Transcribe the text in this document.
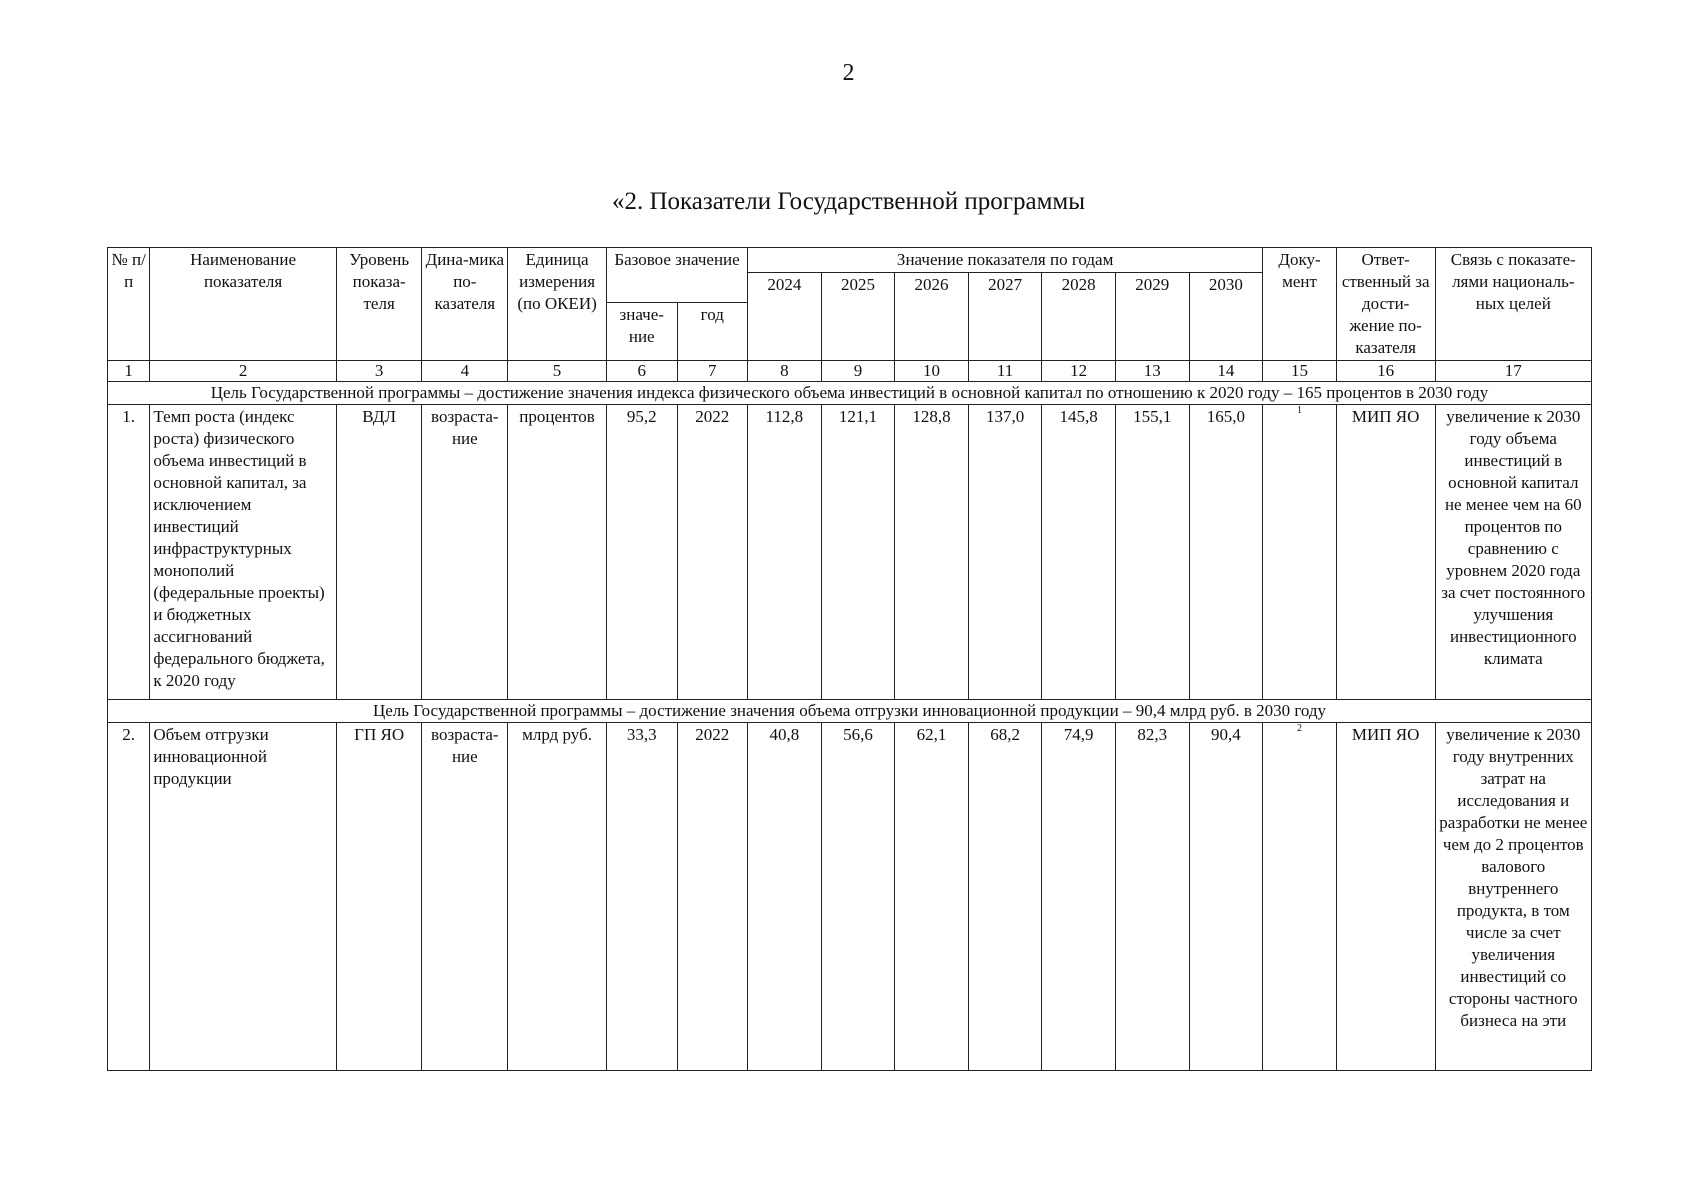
2
«2. Показатели Государственной программы
№ п/п	Наименование показателя	Уровень показа-теля	Дина-мика по-казателя	Единица измерения (по ОКЕИ)	Базовое значение		Значение показателя по годам							Доку-мент	Ответ-ственный за дости-жение по-казателя	Связь с показате-лями националь-ных целей
							2024	2025	2026	2027	2028	2029	2030			
					значе-ние	год										
1	2	3	4	5	6	7	8	9	10	11	12	13	14	15	16	17
Цель Государственной программы – достижение значения индекса физического объема инвестиций в основной капитал по отношению к 2020 году – 165 процентов в 2030 году																
1.	Темп роста (индекс роста) физического объема инвестиций в основной капитал, за исключением инвестиций инфраструктурных монополий (федеральные проекты) и бюджетных ассигнований федерального бюджета, к 2020 году	ВДЛ	возраста-ние	процентов	95,2	2022	112,8	121,1	128,8	137,0	145,8	155,1	165,0	$^1$	МИП ЯО	увеличение к 2030 году объема инвестиций в основной капитал не менее чем на 60 процентов по сравнению с уровнем 2020 года за счет постоянного улучшения инвестиционного климата
Цель Государственной программы – достижение значения объема отгрузки инновационной продукции – 90,4 млрд руб. в 2030 году																
2.	Объем отгрузки инновационной продукции	ГП ЯО	возраста-ние	млрд руб.	33,3	2022	40,8	56,6	62,1	68,2	74,9	82,3	90,4	$^2$	МИП ЯО	увеличение к 2030 году внутренних затрат на исследования и разработки не менее чем до 2 процентов валового внутреннего продукта, в том числе за счет увеличения инвестиций со стороны частного бизнеса на эти
